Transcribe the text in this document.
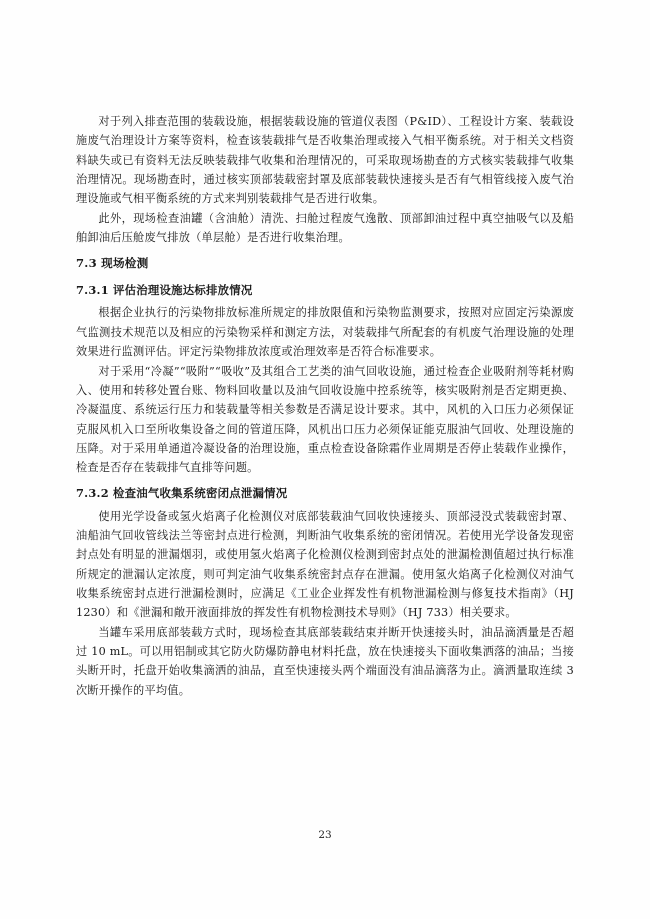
对于列入排查范围的装载设施，根据装载设施的管道仪表图（P&ID）、工程设计方案、装载设施废气治理设计方案等资料，检查该装载排气是否收集治理或接入气相平衡系统。对于相关文档资料缺失或已有资料无法反映装载排气收集和治理情况的，可采取现场勘查的方式核实装载排气收集治理情况。现场勘查时，通过核实顶部装载密封罩及底部装载快速接头是否有气相管线接入废气治理设施或气相平衡系统的方式来判别装载排气是否进行收集。

此外，现场检查油罐（含油舱）清洗、扫舱过程废气逸散、顶部卸油过程中真空抽吸气以及船舶卸油后压舱废气排放（单层舱）是否进行收集治理。

7.3 现场检测
7.3.1 评估治理设施达标排放情况

根据企业执行的污染物排放标准所规定的排放限值和污染物监测要求，按照对应固定污染源废气监测技术规范以及相应的污染物采样和测定方法，对装载排气所配套的有机废气治理设施的处理效果进行监测评估。评定污染物排放浓度或治理效率是否符合标准要求。

对于采用“冷凝”“吸附”“吸收”及其组合工艺类的油气回收设施，通过检查企业吸附剂等耗材购入、使用和转移处置台账、物料回收量以及油气回收设施中控系统等，核实吸附剂是否定期更换、冷凝温度、系统运行压力和装载量等相关参数是否满足设计要求。其中，风机的入口压力必须保证克服风机入口至所收集设备之间的管道压降，风机出口压力必须保证能克服油气回收、处理设施的压降。对于采用单通道冷凝设备的治理设施，重点检查设备除霜作业周期是否停止装载作业操作，检查是否存在装载排气直排等问题。

7.3.2 检查油气收集系统密闭点泄漏情况

使用光学设备或氢火焰离子化检测仪对底部装载油气回收快速接头、顶部浸没式装载密封罩、油船油气回收管线法兰等密封点进行检测，判断油气收集系统的密闭情况。若使用光学设备发现密封点处有明显的泄漏烟羽，或使用氢火焰离子化检测仪检测到密封点处的泄漏检测值超过执行标准所规定的泄漏认定浓度，则可判定油气收集系统密封点存在泄漏。使用氢火焰离子化检测仪对油气收集系统密封点进行泄漏检测时，应满足《工业企业挥发性有机物泄漏检测与修复技术指南》（HJ 1230）和《泄漏和敞开液面排放的挥发性有机物检测技术导则》（HJ 733）相关要求。

当罐车采用底部装载方式时，现场检查其底部装载结束并断开快速接头时，油品滴洒量是否超过 10 mL。可以用铝制或其它防火防爆防静电材料托盘，放在快速接头下面收集洒落的油品；当接头断开时，托盘开始收集滴洒的油品，直至快速接头两个端面没有油品滴落为止。滴洒量取连续 3 次断开操作的平均值。

23
